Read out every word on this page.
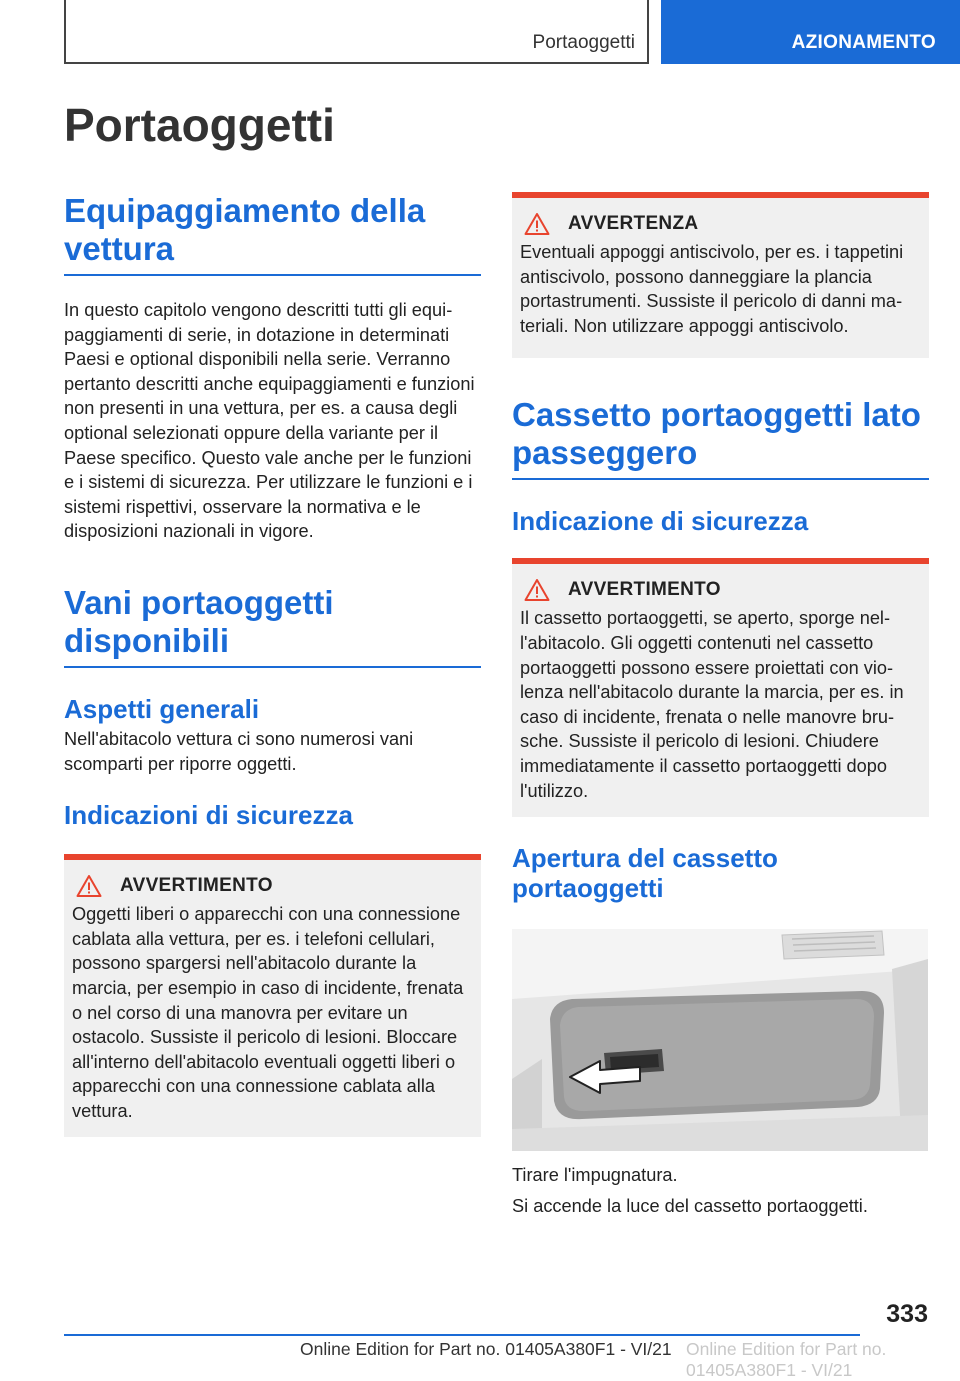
Portaoggetti	AZIONAMENTO
Portaoggetti
Equipaggiamento della vettura

In questo capitolo vengono descritti tutti gli equipaggiamenti di serie, in dotazione in determinati Paesi e optional disponibili nella serie. Verranno pertanto descritti anche equipaggiamenti e funzioni non presenti in una vettura, per es. a causa degli optional selezionati oppure della variante per il Paese specifico. Questo vale anche per le funzioni e i sistemi di sicurezza. Per utilizzare le funzioni e i sistemi rispettivi, osservare la normativa e le disposizioni nazionali in vigore.

Vani portaoggetti disponibili
Aspetti generali

Nell'abitacolo vettura ci sono numerosi vani scomparti per riporre oggetti.

Indicazioni di sicurezza
AVVERTIMENTO

Oggetti liberi o apparecchi con una connessione cablata alla vettura, per es. i telefoni cellulari, possono spargersi nell'abitacolo durante la marcia, per esempio in caso di incidente, frenata o nel corso di una manovra per evitare un ostacolo. Sussiste il pericolo di lesioni. Bloccare all'interno dell'abitacolo eventuali oggetti liberi o apparecchi con una connessione cablata alla vettura.

AVVERTENZA

Eventuali appoggi antiscivolo, per es. i tappetini antiscivolo, possono danneggiare la plancia portastrumenti. Sussiste il pericolo di danni materiali. Non utilizzare appoggi antiscivolo.

Cassetto portaoggetti lato passeggero
Indicazione di sicurezza
AVVERTIMENTO

Il cassetto portaoggetti, se aperto, sporge nell'abitacolo. Gli oggetti contenuti nel cassetto portaoggetti possono essere proiettati con violenza nell'abitacolo durante la marcia, per es. in caso di incidente, frenata o nelle manovre brusche. Sussiste il pericolo di lesioni. Chiudere immediatamente il cassetto portaoggetti dopo l'utilizzo.

Apertura del cassetto portaoggetti

Tirare l'impugnatura.

Si accende la luce del cassetto portaoggetti.

333
Online Edition for Part no. 01405A380F1 - VI/21 Online Edition for Part no. 01405A380F1 - VI/21
